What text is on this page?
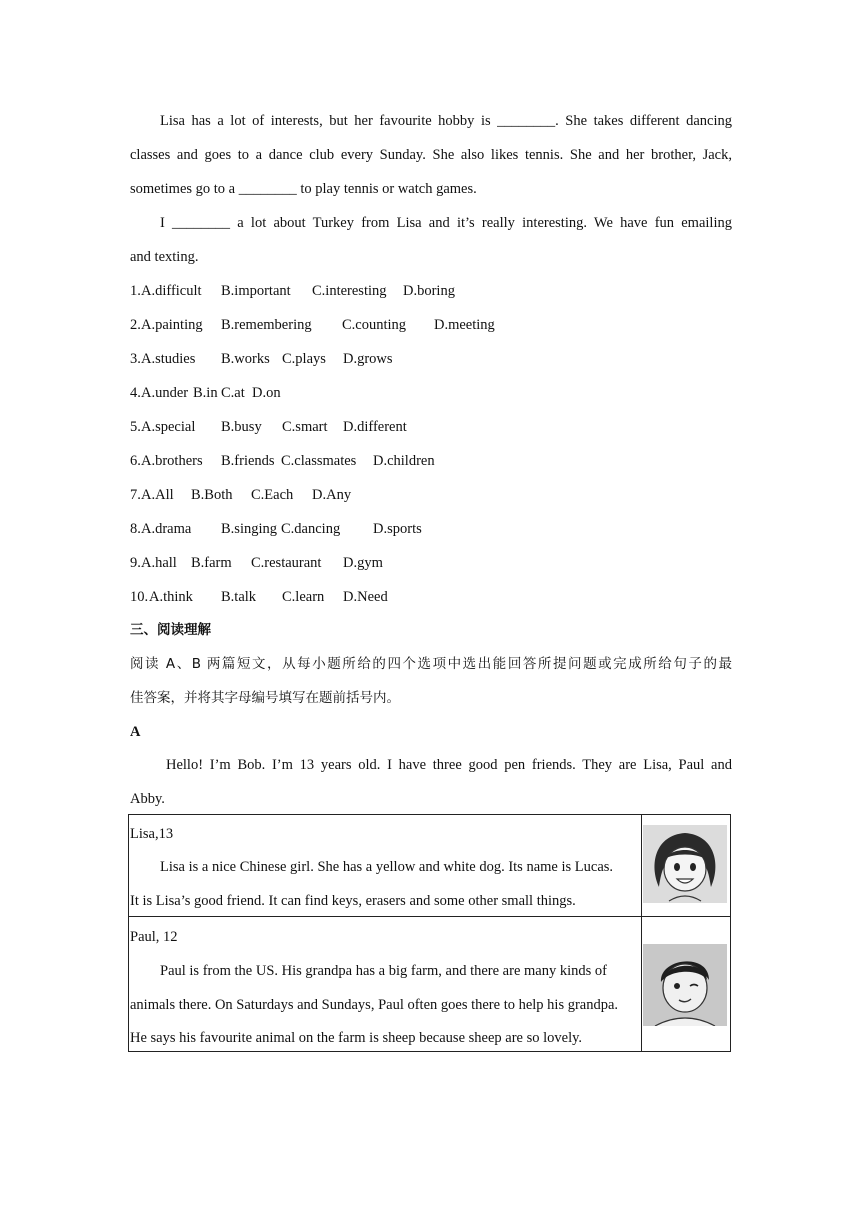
Lisa has a lot of interests, but her favourite hobby is ________. She takes different dancing
classes and goes to a dance club every Sunday. She also likes tennis. She and her brother, Jack,
sometimes go to a ________ to play tennis or watch games.
I ________ a lot about Turkey from Lisa and it’s really interesting. We have fun emailing
and texting.
1. A.difficult B.important C.interesting D.boring
2. A.painting B.remembering C.counting D.meeting
3. A.studies B.works C.plays D.grows
4. A.under B.in C.at D.on
5. A.special B.busy C.smart D.different
6. A.brothers B.friends C.classmates D.children
7. A.All B.Both C.Each D.Any
8. A.drama B.singing C.dancing D.sports
9. A.hall B.farm C.restaurant D.gym
10. A.think B.talk C.learn D.Need
三、阅读理解
阅读 A、B 两篇短文，从每小题所给的四个选项中选出能回答所提问题或完成所给句子的最
佳答案，并将其字母编号填写在题前括号内。
A
Hello! I’m Bob. I’m 13 years old. I have three good pen friends. They are Lisa, Paul and
Abby.
Lisa,13
Lisa is a nice Chinese girl. She has a yellow and white dog. Its name is Lucas.
It is Lisa’s good friend. It can find keys, erasers and some other small things.

Paul, 12
Paul is from the US. His grandpa has a big farm, and there are many kinds of
animals there. On Saturdays and Sundays, Paul often goes there to help his grandpa.
He says his favourite animal on the farm is sheep because sheep are so lovely.
